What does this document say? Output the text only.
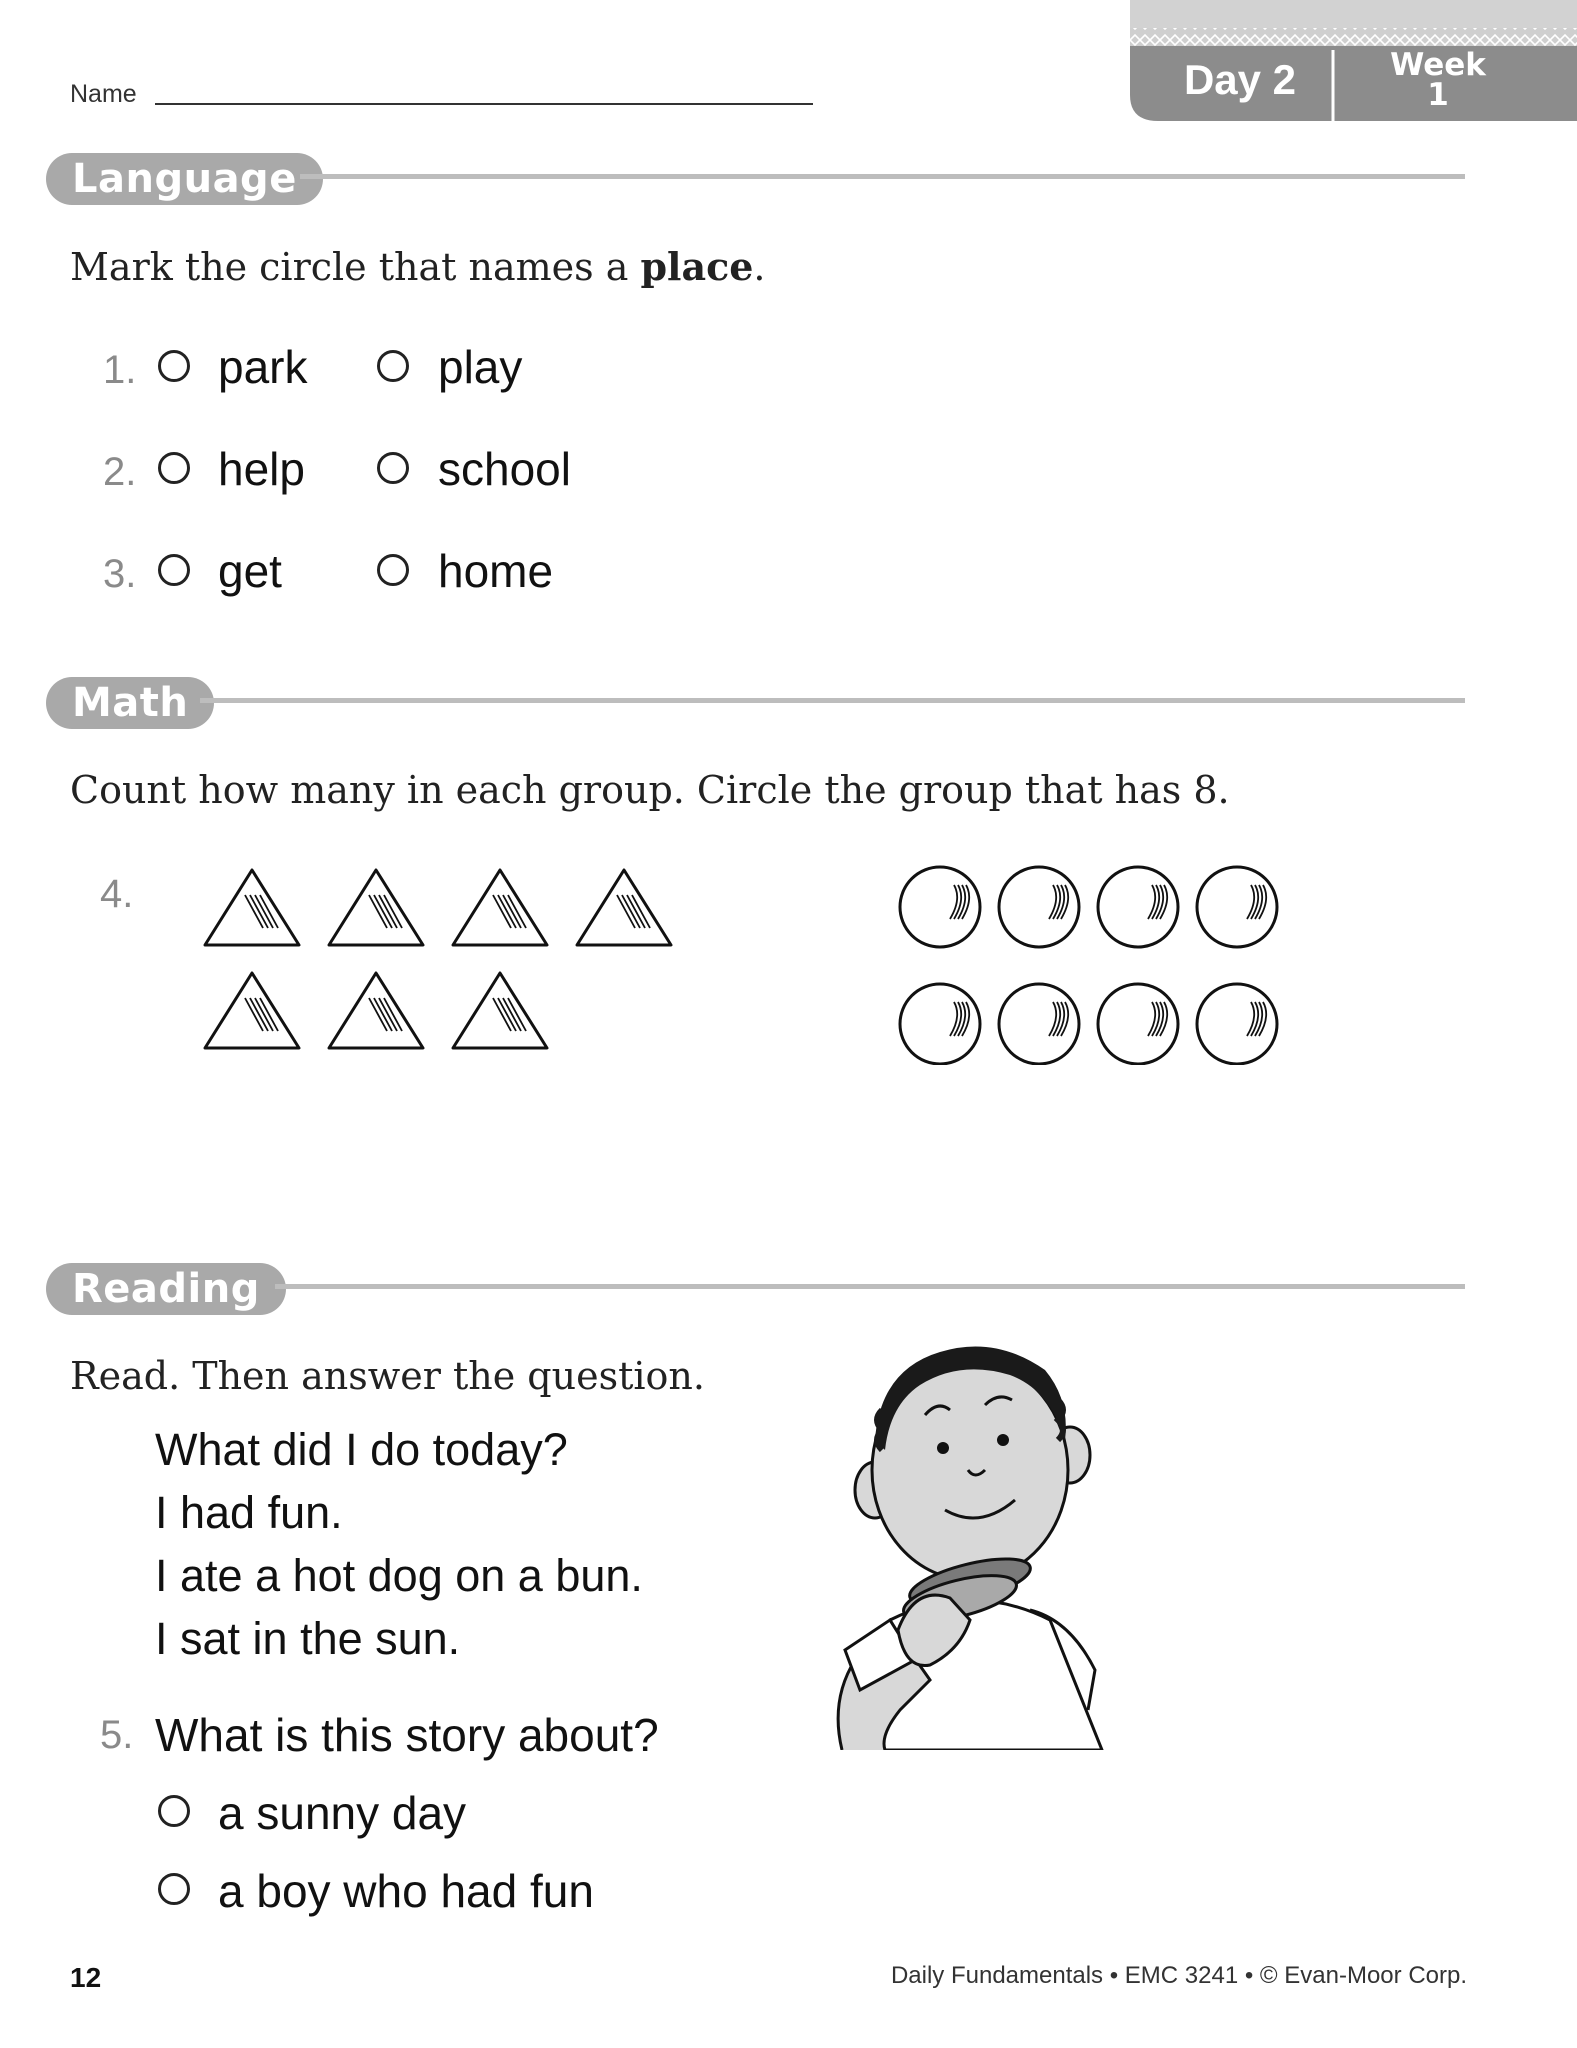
Name	Day 2	Week
1
Language
Mark the circle that names a place.
1. park	play
2. help	school
3. get	home
Math
Count how many in each group. Circle the group that has 8.
4.
Reading
Read. Then answer the question.
What did I do today?
I had fun.
I ate a hot dog on a bun.
I sat in the sun.
5. What is this story about?
a sunny day
a boy who had fun
12	Daily Fundamentals • EMC 3241 • © Evan-Moor Corp.
